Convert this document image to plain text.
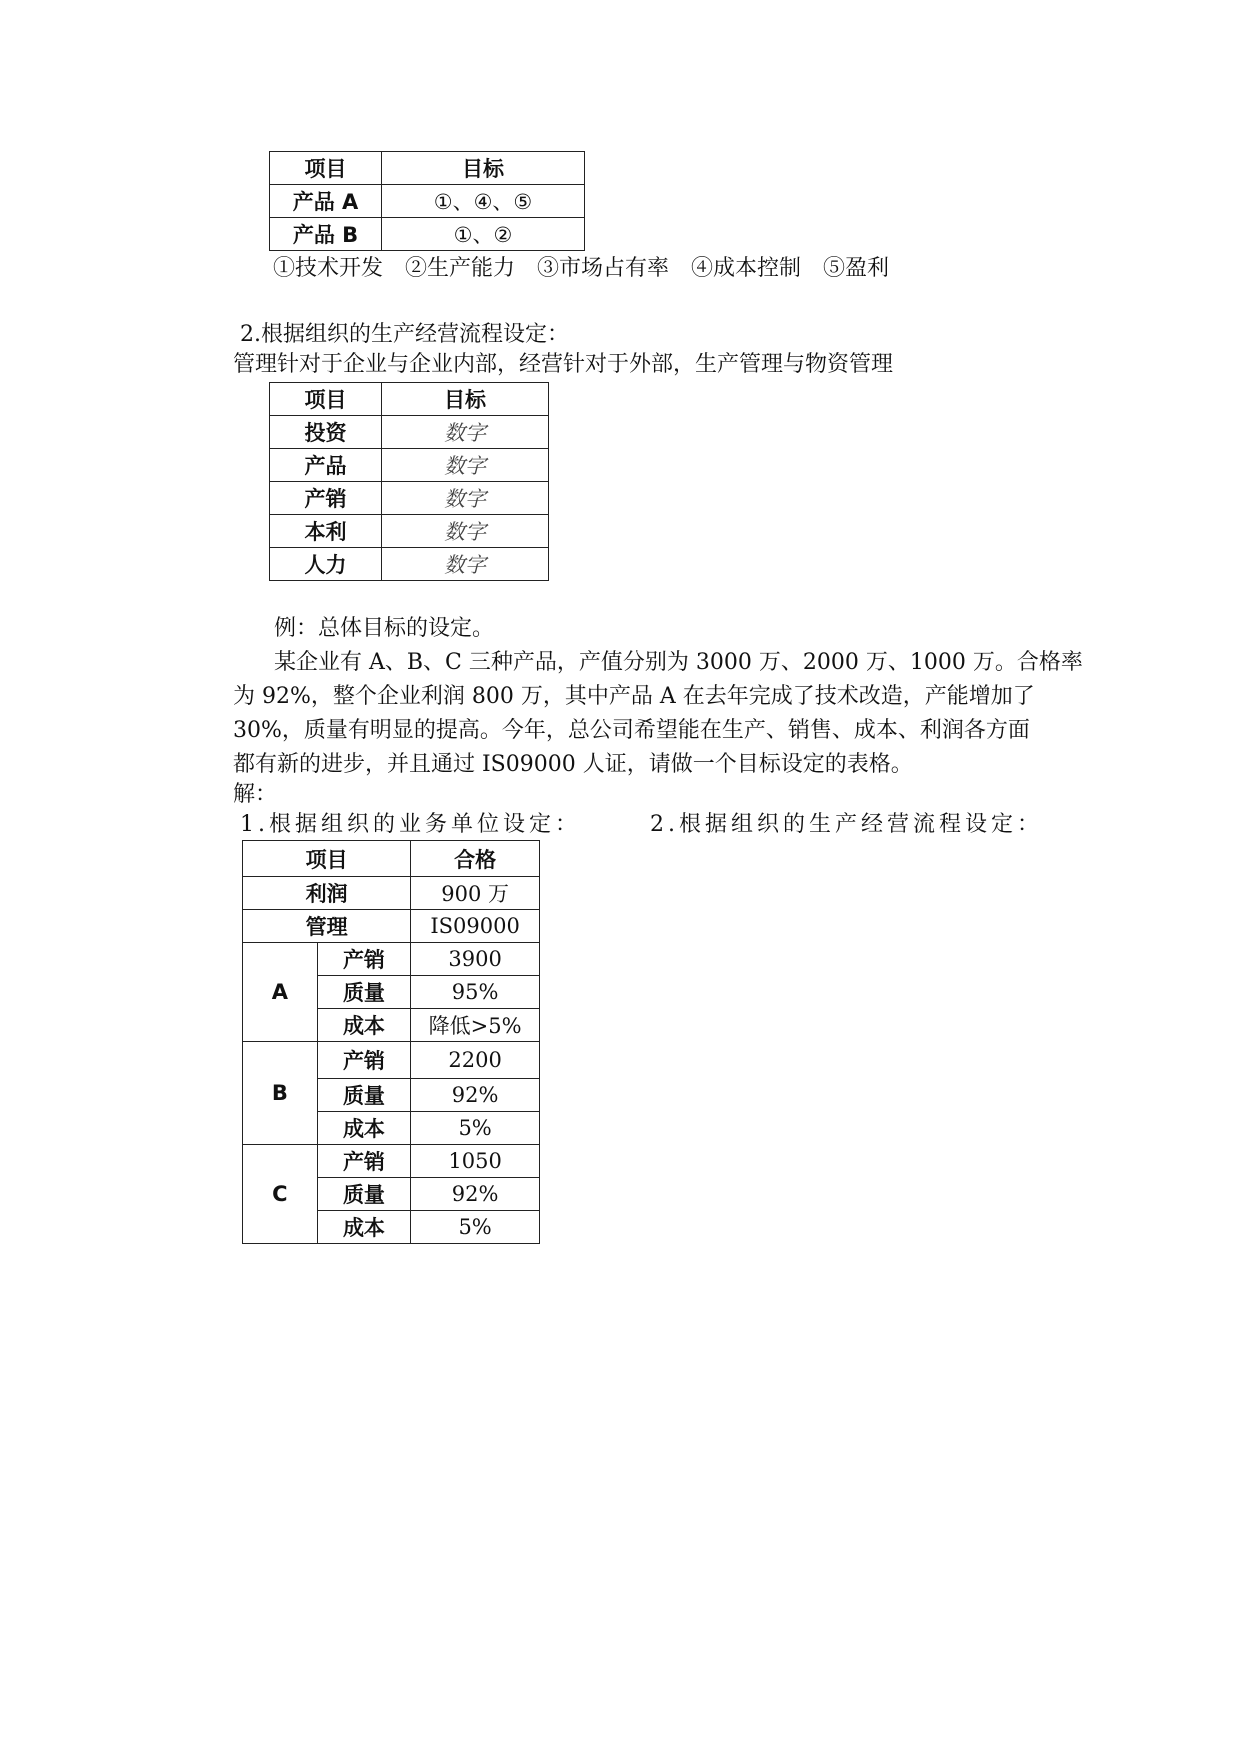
项目	目标
产品 A	①、④、⑤
产品 B	①、②
①技术开发　②生产能力　③市场占有率　④成本控制　⑤盈利
2.根据组织的生产经营流程设定：
管理针对于企业与企业内部，经营针对于外部，生产管理与物资管理
项目	目标
投资	数字
产品	数字
产销	数字
本利	数字
人力	数字
例：总体目标的设定。
某企业有 A、B、C 三种产品，产值分别为 3000 万、2000 万、1000 万。合格率
为 92%，整个企业利润 800 万，其中产品 A 在去年完成了技术改造，产能增加了
30%，质量有明显的提高。今年，总公司希望能在生产、销售、成本、利润各方面
都有新的进步，并且通过 IS09000 人证，请做一个目标设定的表格。
解：
1.根据组织的业务单位设定：	2.根据组织的生产经营流程设定：
项目		合格
利润		900 万
管理		IS09000
A	产销	3900
	质量	95%
	成本	降低>5%
B	产销	2200
	质量	92%
	成本	5%
C	产销	1050
	质量	92%
	成本	5%
